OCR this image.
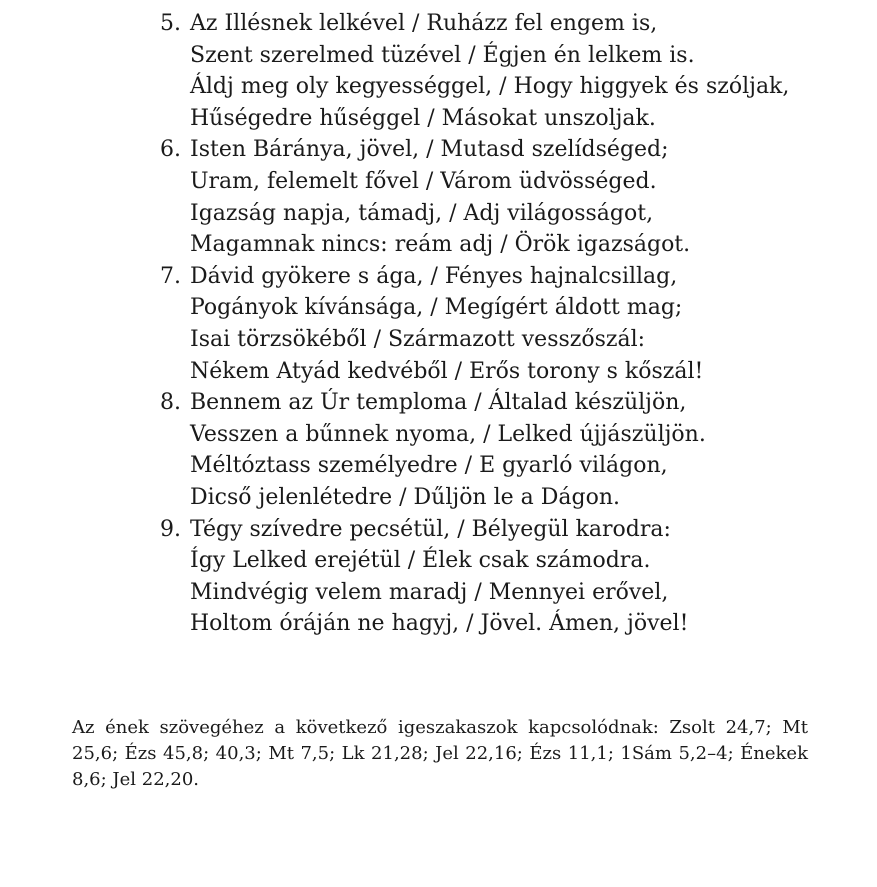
5. Az Illésnek lelkével / Ruházz fel engem is,
Szent szerelmed tüzével / Égjen én lelkem is.
Áldj meg oly kegyességgel, / Hogy higgyek és szóljak,
Hűségedre hűséggel / Másokat unszoljak.
6. Isten Báránya, jövel, / Mutasd szelídséged;
Uram, felemelt fővel / Várom üdvösséged.
Igazság napja, támadj, / Adj világosságot,
Magamnak nincs: reám adj / Örök igazságot.
7. Dávid gyökere s ága, / Fényes hajnalcsillag,
Pogányok kívánsága, / Megígért áldott mag;
Isai törzsökéből / Származott vesszőszál:
Nékem Atyád kedvéből / Erős torony s kőszál!
8. Bennem az Úr temploma / Általad készüljön,
Vesszen a bűnnek nyoma, / Lelked újjászüljön.
Méltóztass személyedre / E gyarló világon,
Dicső jelenlétedre / Dűljön le a Dágon.
9. Tégy szívedre pecsétül, / Bélyegül karodra:
Így Lelked erejétül / Élek csak számodra.
Mindvégig velem maradj / Mennyei erővel,
Holtom óráján ne hagyj, / Jövel. Ámen, jövel!

Az ének szövegéhez a következő igeszakaszok kapcsolódnak: Zsolt 24,7; Mt 25,6; Ézs 45,8; 40,3; Mt 7,5; Lk 21,28; Jel 22,16; Ézs 11,1; 1Sám 5,2–4; Énekek 8,6; Jel 22,20.
